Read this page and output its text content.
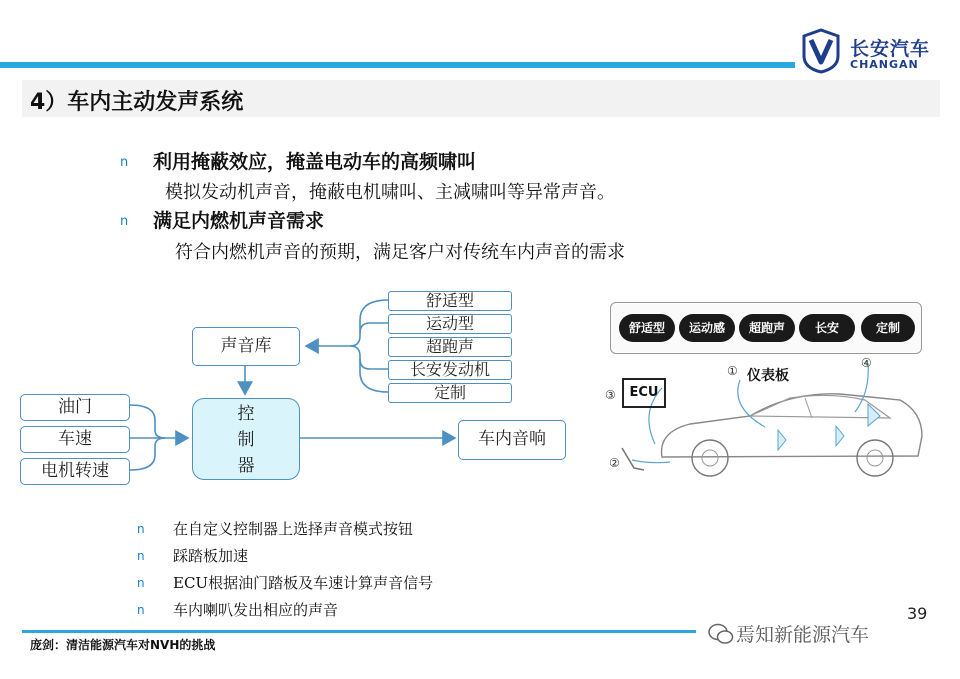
长安汽车
CHANGAN
4）车内主动发声系统
n 利用掩蔽效应，掩盖电动车的高频啸叫
模拟发动机声音，掩蔽电机啸叫、主减啸叫等异常声音。
n 满足内燃机声音需求
符合内燃机声音的预期，满足客户对传统车内声音的需求
声音库
控
制
器
车内音响
舒适型
运动型
超跑声
长安发动机
定制
油门
车速
电机转速
舒适型	运动感	超跑声	长安	定制
ECU
③
① 仪表板
④
②
n 在自定义控制器上选择声音模式按钮
n 踩踏板加速
n ECU根据油门踏板及车速计算声音信号
n 车内喇叭发出相应的声音	39
庞剑：清洁能源汽车对NVH的挑战	焉知新能源汽车
